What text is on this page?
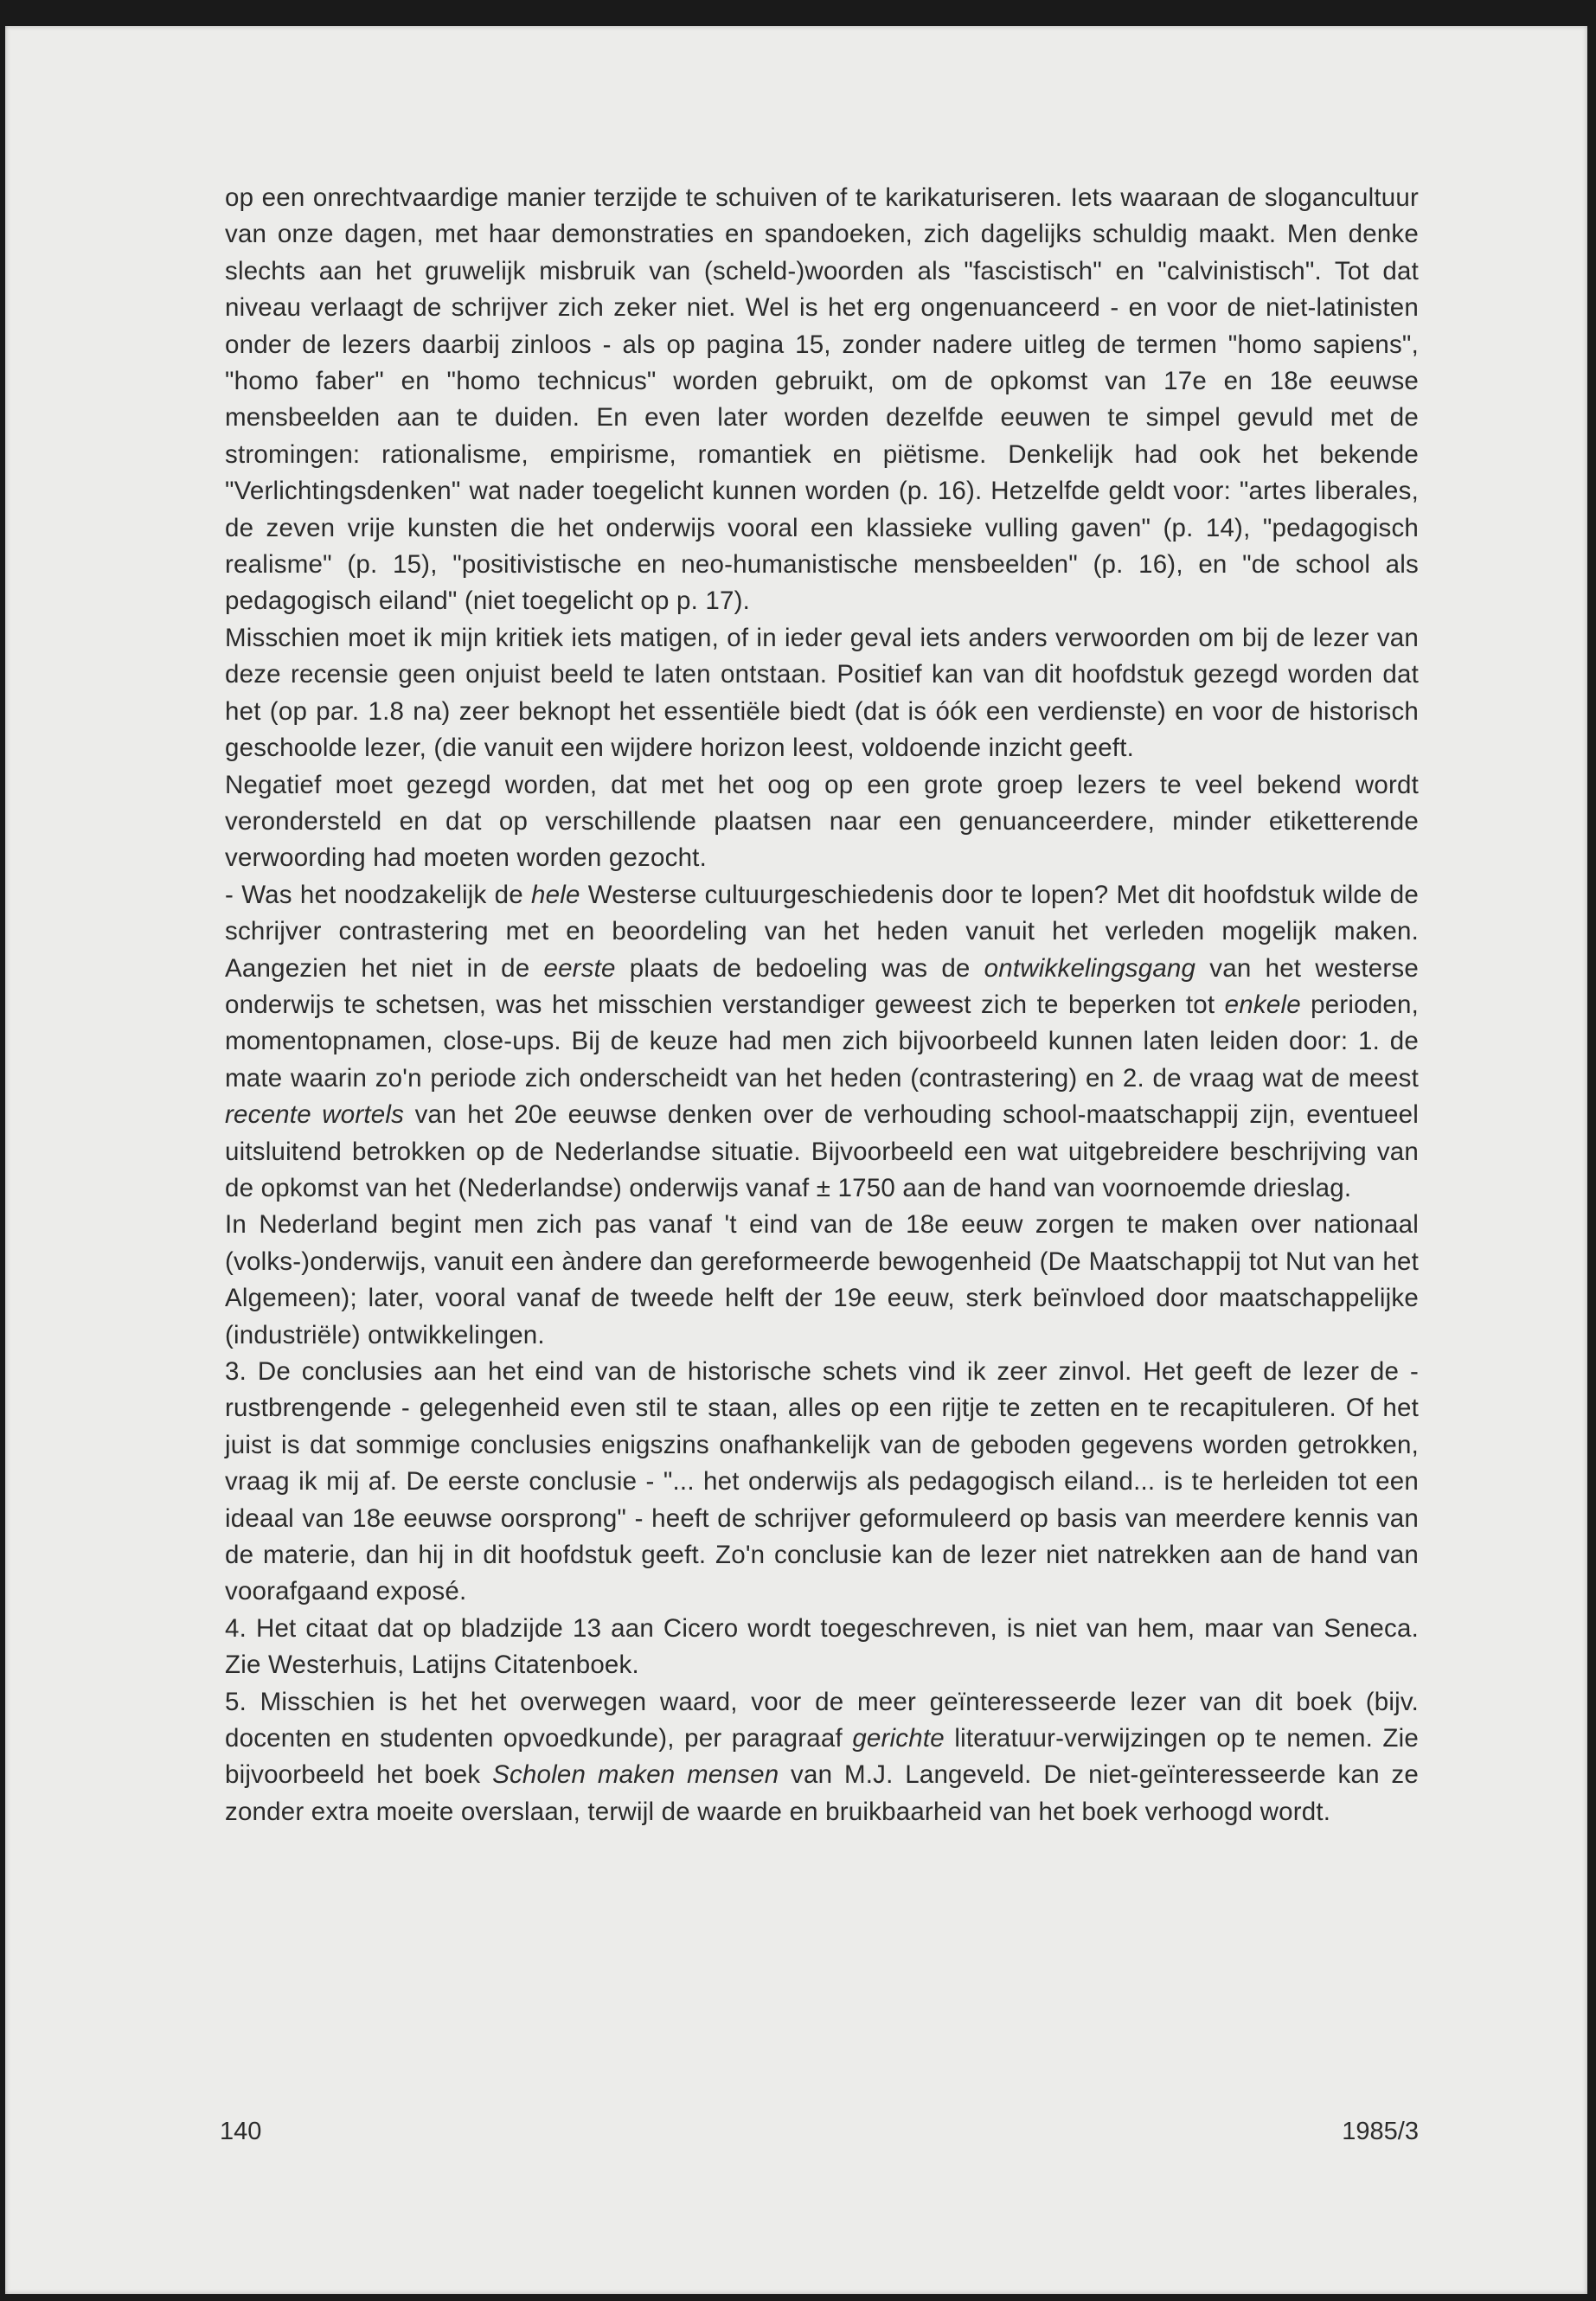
op een onrechtvaardige manier terzijde te schuiven of te karikaturiseren. Iets waaraan de slogancultuur van onze dagen, met haar demonstraties en spandoeken, zich dagelijks schuldig maakt. Men denke slechts aan het gruwelijk misbruik van (scheld-)woorden als "fascistisch" en "calvinistisch". Tot dat niveau verlaagt de schrijver zich zeker niet. Wel is het erg ongenuanceerd - en voor de niet-latinisten onder de lezers daarbij zinloos - als op pagina 15, zonder nadere uitleg de termen "homo sapiens", "homo faber" en "homo technicus" worden gebruikt, om de opkomst van 17e en 18e eeuwse mensbeelden aan te duiden. En even later worden dezelfde eeuwen te simpel gevuld met de stromingen: rationalisme, empirisme, romantiek en piëtisme. Denkelijk had ook het bekende "Verlichtingsdenken" wat nader toegelicht kunnen worden (p. 16). Hetzelfde geldt voor: "artes liberales, de zeven vrije kunsten die het onderwijs vooral een klassieke vulling gaven" (p. 14), "pedagogisch realisme" (p. 15), "positivistische en neo-humanistische mensbeelden" (p. 16), en "de school als pedagogisch eiland" (niet toegelicht op p. 17).

Misschien moet ik mijn kritiek iets matigen, of in ieder geval iets anders verwoorden om bij de lezer van deze recensie geen onjuist beeld te laten ontstaan. Positief kan van dit hoofdstuk gezegd worden dat het (op par. 1.8 na) zeer beknopt het essentiële biedt (dat is óók een verdienste) en voor de historisch geschoolde lezer, (die vanuit een wijdere horizon leest, voldoende inzicht geeft.

Negatief moet gezegd worden, dat met het oog op een grote groep lezers te veel bekend wordt verondersteld en dat op verschillende plaatsen naar een genuanceerdere, minder etiketterende verwoording had moeten worden gezocht.

- Was het noodzakelijk de hele Westerse cultuurgeschiedenis door te lopen? Met dit hoofdstuk wilde de schrijver contrastering met en beoordeling van het heden vanuit het verleden mogelijk maken. Aangezien het niet in de eerste plaats de bedoeling was de ontwikkelingsgang van het westerse onderwijs te schetsen, was het misschien verstandiger geweest zich te beperken tot enkele perioden, momentopnamen, close-ups. Bij de keuze had men zich bijvoorbeeld kunnen laten leiden door: 1. de mate waarin zo'n periode zich onderscheidt van het heden (contrastering) en 2. de vraag wat de meest recente wortels van het 20e eeuwse denken over de verhouding school-maatschappij zijn, eventueel uitsluitend betrokken op de Nederlandse situatie. Bijvoorbeeld een wat uitgebreidere beschrijving van de opkomst van het (Nederlandse) onderwijs vanaf ± 1750 aan de hand van voornoemde drieslag.

In Nederland begint men zich pas vanaf 't eind van de 18e eeuw zorgen te maken over nationaal (volks-)onderwijs, vanuit een àndere dan gereformeerde bewogenheid (De Maatschappij tot Nut van het Algemeen); later, vooral vanaf de tweede helft der 19e eeuw, sterk beïnvloed door maatschappelijke (industriële) ontwikkelingen.

3. De conclusies aan het eind van de historische schets vind ik zeer zinvol. Het geeft de lezer de - rustbrengende - gelegenheid even stil te staan, alles op een rijtje te zetten en te recapituleren. Of het juist is dat sommige conclusies enigszins onafhankelijk van de geboden gegevens worden getrokken, vraag ik mij af. De eerste conclusie - "... het onderwijs als pedagogisch eiland... is te herleiden tot een ideaal van 18e eeuwse oorsprong" - heeft de schrijver geformuleerd op basis van meerdere kennis van de materie, dan hij in dit hoofdstuk geeft. Zo'n conclusie kan de lezer niet natrekken aan de hand van voorafgaand exposé.

4. Het citaat dat op bladzijde 13 aan Cicero wordt toegeschreven, is niet van hem, maar van Seneca. Zie Westerhuis, Latijns Citatenboek.

5. Misschien is het het overwegen waard, voor de meer geïnteresseerde lezer van dit boek (bijv. docenten en studenten opvoedkunde), per paragraaf gerichte literatuur-verwijzingen op te nemen. Zie bijvoorbeeld het boek Scholen maken mensen van M.J. Langeveld. De niet-geïnteresseerde kan ze zonder extra moeite overslaan, terwijl de waarde en bruikbaarheid van het boek verhoogd wordt.

140	1985/3
